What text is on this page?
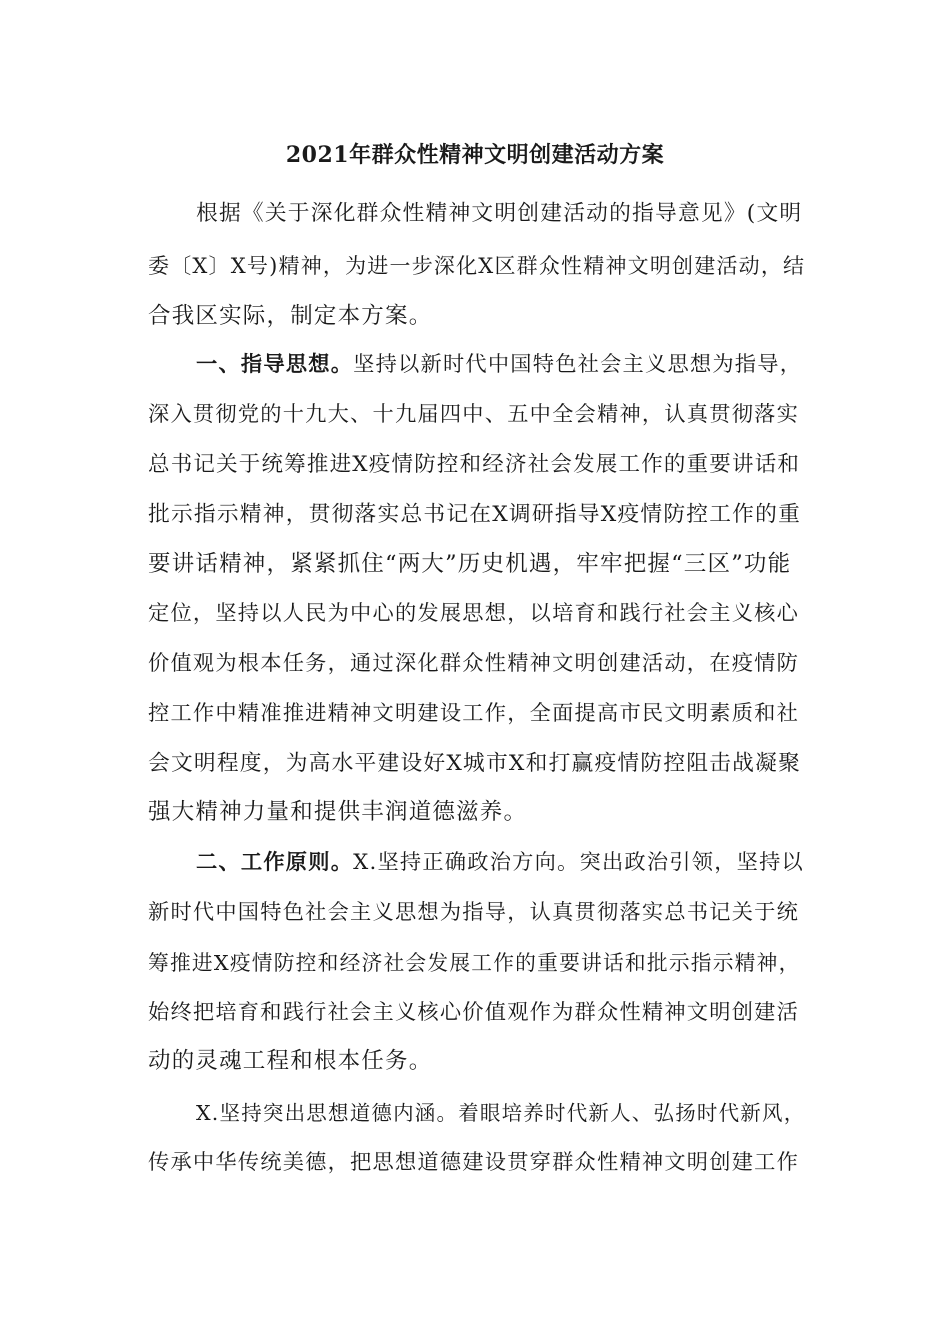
2021年群众性精神文明创建活动方案
根据《关于深化群众性精神文明创建活动的指导意见》(文明
委〔X〕X号)精神，为进一步深化X区群众性精神文明创建活动，结
合我区实际，制定本方案。
一、指导思想。坚持以新时代中国特色社会主义思想为指导，
深入贯彻党的十九大、十九届四中、五中全会精神，认真贯彻落实
总书记关于统筹推进X疫情防控和经济社会发展工作的重要讲话和
批示指示精神，贯彻落实总书记在X调研指导X疫情防控工作的重
要讲话精神，紧紧抓住“两大”历史机遇，牢牢把握“三区”功能
定位，坚持以人民为中心的发展思想，以培育和践行社会主义核心
价值观为根本任务，通过深化群众性精神文明创建活动，在疫情防
控工作中精准推进精神文明建设工作，全面提高市民文明素质和社
会文明程度，为高水平建设好X城市X和打赢疫情防控阻击战凝聚
强大精神力量和提供丰润道德滋养。
二、工作原则。X.坚持正确政治方向。突出政治引领，坚持以
新时代中国特色社会主义思想为指导，认真贯彻落实总书记关于统
筹推进X疫情防控和经济社会发展工作的重要讲话和批示指示精神，
始终把培育和践行社会主义核心价值观作为群众性精神文明创建活
动的灵魂工程和根本任务。
X.坚持突出思想道德内涵。着眼培养时代新人、弘扬时代新风，
传承中华传统美德，把思想道德建设贯穿群众性精神文明创建工作
